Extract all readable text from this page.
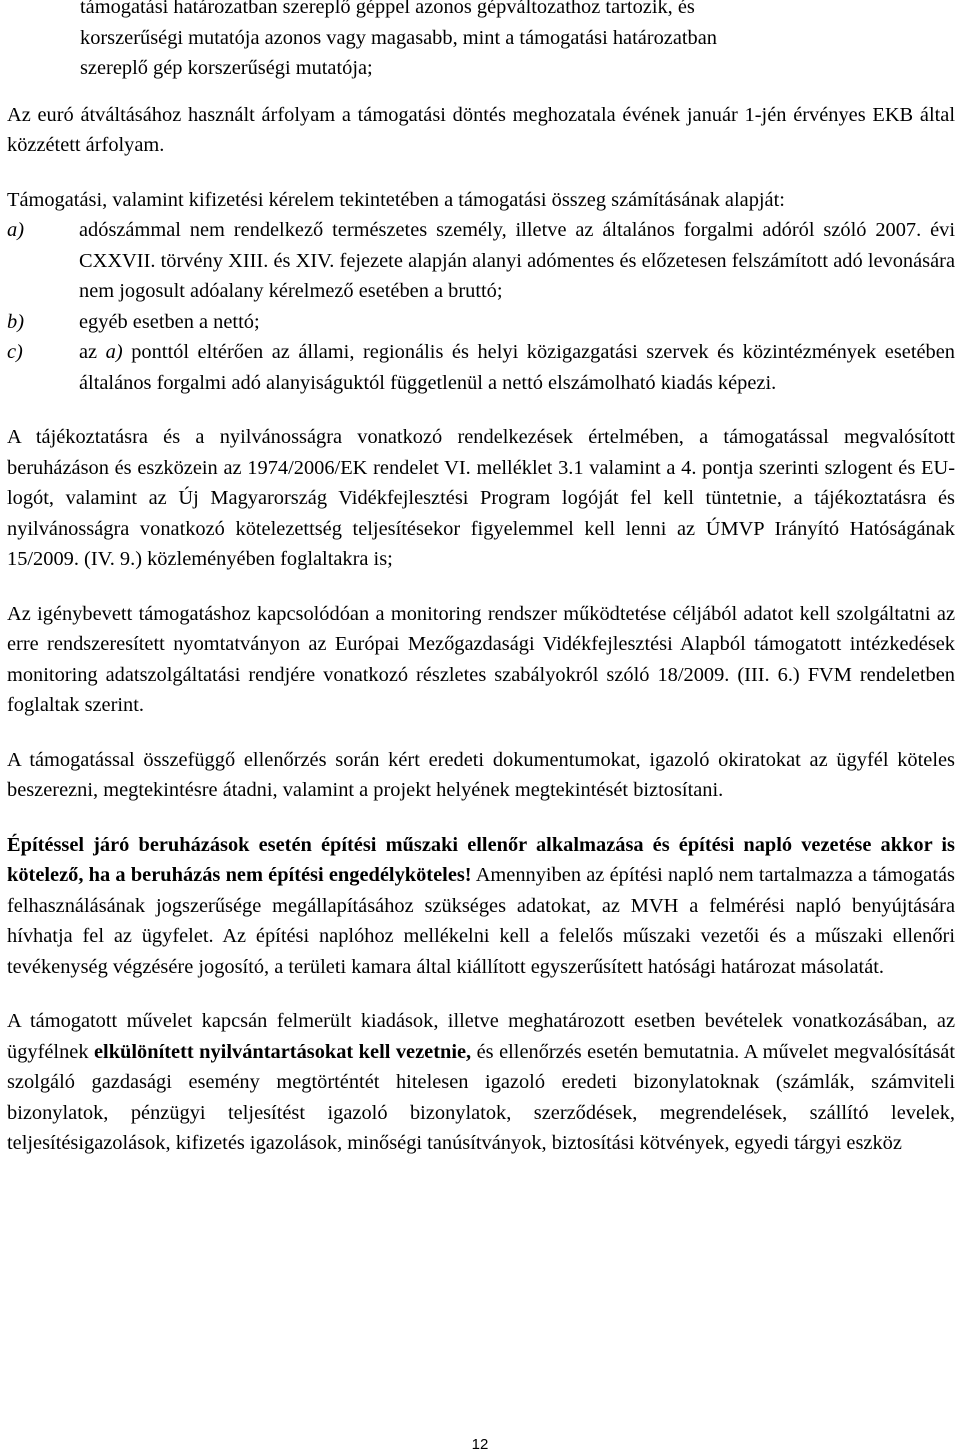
támogatási határozatban szereplő géppel azonos gépváltozathoz tartozik, és
korszerűségi mutatója azonos vagy magasabb, mint a támogatási határozatban
szereplő gép korszerűségi mutatója;

Az euró átváltásához használt árfolyam a támogatási döntés meghozatala évének január 1-jén érvényes EKB által közzétett árfolyam.

Támogatási, valamint kifizetési kérelem tekintetében a támogatási összeg számításának alapját:

a)	adószámmal nem rendelkező természetes személy, illetve az általános forgalmi adóról szóló 2007. évi CXXVII. törvény XIII. és XIV. fejezete alapján alanyi adómentes és előzetesen felszámított adó levonására nem jogosult adóalany kérelmező esetében a bruttó;

b)	egyéb esetben a nettó;

c)	az a) ponttól eltérően az állami, regionális és helyi közigazgatási szervek és közintézmények esetében általános forgalmi adó alanyiságuktól függetlenül a nettó elszámolható kiadás képezi.

A tájékoztatásra és a nyilvánosságra vonatkozó rendelkezések értelmében, a támogatással megvalósított beruházáson és eszközein az 1974/2006/EK rendelet VI. melléklet 3.1 valamint a 4. pontja szerinti szlogent és EU-logót, valamint az Új Magyarország Vidékfejlesztési Program logóját fel kell tüntetnie, a tájékoztatásra és nyilvánosságra vonatkozó kötelezettség teljesítésekor figyelemmel kell lenni az ÚMVP Irányító Hatóságának 15/2009. (IV. 9.) közleményében foglaltakra is;

Az igénybevett támogatáshoz kapcsolódóan a monitoring rendszer működtetése céljából adatot kell szolgáltatni az erre rendszeresített nyomtatványon az Európai Mezőgazdasági Vidékfejlesztési Alapból támogatott intézkedések monitoring adatszolgáltatási rendjére vonatkozó részletes szabályokról szóló 18/2009. (III. 6.) FVM rendeletben foglaltak szerint.

A támogatással összefüggő ellenőrzés során kért eredeti dokumentumokat, igazoló okiratokat az ügyfél köteles beszerezni, megtekintésre átadni, valamint a projekt helyének megtekintését biztosítani.

Építéssel járó beruházások esetén építési műszaki ellenőr alkalmazása és építési napló vezetése akkor is kötelező, ha a beruházás nem építési engedélyköteles! Amennyiben az építési napló nem tartalmazza a támogatás felhasználásának jogszerűsége megállapításához szükséges adatokat, az MVH a felmérési napló benyújtására hívhatja fel az ügyfelet. Az építési naplóhoz mellékelni kell a felelős műszaki vezetői és a műszaki ellenőri tevékenység végzésére jogosító, a területi kamara által kiállított egyszerűsített hatósági határozat másolatát.

A támogatott művelet kapcsán felmerült kiadások, illetve meghatározott esetben bevételek vonatkozásában, az ügyfélnek elkülönített nyilvántartásokat kell vezetnie, és ellenőrzés esetén bemutatnia. A művelet megvalósítását szolgáló gazdasági esemény megtörténtét hitelesen igazoló eredeti bizonylatoknak (számlák, számviteli bizonylatok, pénzügyi teljesítést igazoló bizonylatok, szerződések, megrendelések, szállító levelek, teljesítésigazolások, kifizetés igazolások, minőségi tanúsítványok, biztosítási kötvények, egyedi tárgyi eszköz

12
